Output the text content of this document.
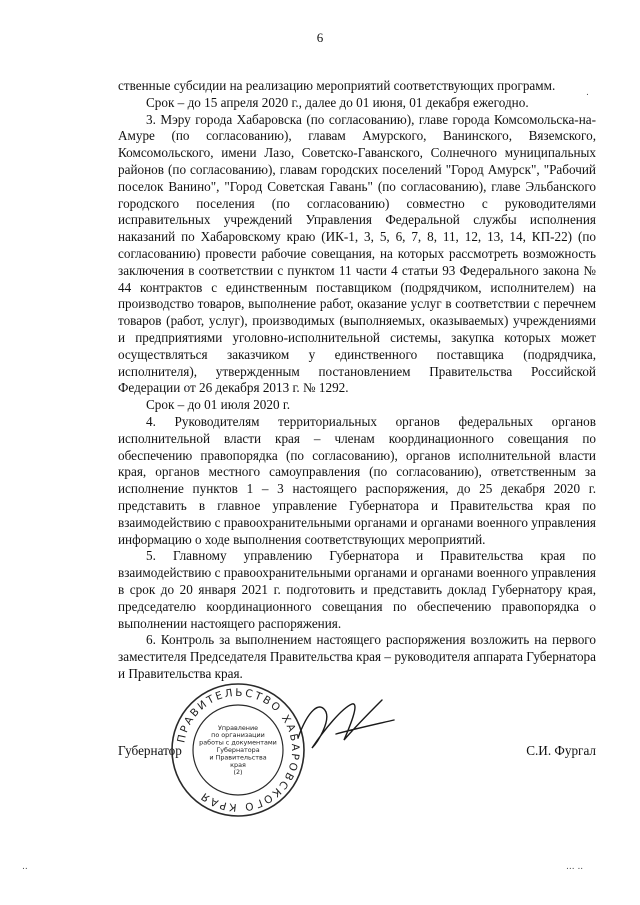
6

ственные субсидии на реализацию мероприятий соответствующих программ.

Срок – до 15 апреля 2020 г., далее до 01 июня, 01 декабря ежегодно.

3. Мэру города Хабаровска (по согласованию), главе города Комсомольска-на-Амуре (по согласованию), главам Амурского, Ванинского, Вяземского, Комсомольского, имени Лазо, Советско-Гаванского, Солнечного муниципальных районов (по согласованию), главам городских поселений "Город Амурск", "Рабочий поселок Ванино", "Город Советская Гавань" (по согласованию), главе Эльбанского городского поселения (по согласованию) совместно с руководителями исправительных учреждений Управления Федеральной службы исполнения наказаний по Хабаровскому краю (ИК-1, 3, 5, 6, 7, 8, 11, 12, 13, 14, КП-22) (по согласованию) провести рабочие совещания, на которых рассмотреть возможность заключения в соответствии с пунктом 11 части 4 статьи 93 Федерального закона № 44 контрактов с единственным поставщиком (подрядчиком, исполнителем) на производство товаров, выполнение работ, оказание услуг в соответствии с перечнем товаров (работ, услуг), производимых (выполняемых, оказываемых) учреждениями и предприятиями уголовно-исполнительной системы, закупка которых может осуществляться заказчиком у единственного поставщика (подрядчика, исполнителя), утвержденным постановлением Правительства Российской Федерации от 26 декабря 2013 г. № 1292.

Срок – до 01 июля 2020 г.

4. Руководителям территориальных органов федеральных органов исполнительной власти края – членам координационного совещания по обеспечению правопорядка (по согласованию), органов исполнительной власти края, органов местного самоуправления (по согласованию), ответственным за исполнение пунктов 1 – 3 настоящего распоряжения, до 25 декабря 2020 г. представить в главное управление Губернатора и Правительства края по взаимодействию с правоохранительными органами и органами военного управления информацию о ходе выполнения соответствующих мероприятий.

5. Главному управлению Губернатора и Правительства края по взаимодействию с правоохранительными органами и органами военного управления в срок до 20 января 2021 г. подготовить и представить доклад Губернатору края, председателю координационного совещания по обеспечению правопорядка о выполнении настоящего распоряжения.

6. Контроль за выполнением настоящего распоряжения возложить на первого заместителя Председателя Правительства края – руководителя аппарата Губернатора и Правительства края.

ПРАВИТЕЛЬСТВО ХАБАРОВСКОГО КРАЯ
Управление
по организации
работы с документами
Губернатора
и Правительства
края
(2)
Губернатор	С.И. Фургал
..	... ..
.
